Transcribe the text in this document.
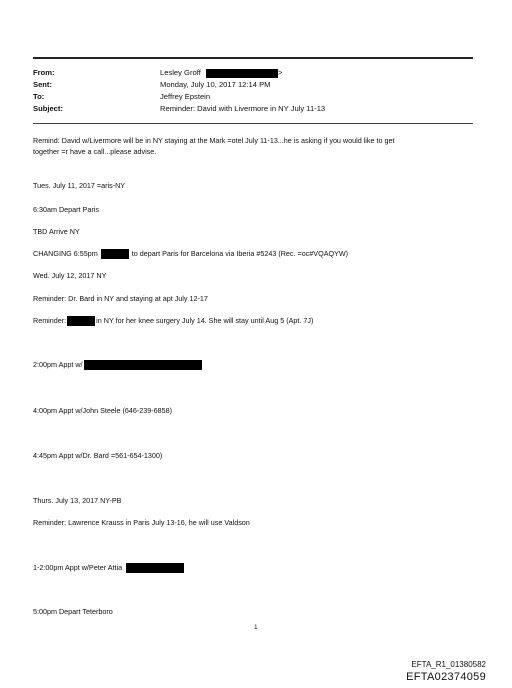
From:	Lesley Groff	>
Sent:	Monday, July 10, 2017 12:14 PM
To:	Jeffrey Epstein
Subject:	Reminder: David with Livermore in NY July 11-13
Remind: David w/Livermore will be in NY staying at the Mark =otel July 11-13...he is asking if you would like to get
together =r have a call...please advise.
Tues. July 11, 2017 =aris-NY
6:30am Depart Paris
TBD Arrive NY
CHANGING 6:55pm	to depart Paris for Barcelona via Iberia #5243 (Rec. =oc#VQAQYW)
Wed. July 12, 2017 NY
Reminder: Dr. Bard in NY and staying at apt July 12-17
Reminder:	in NY for her knee surgery July 14. She will stay until Aug 5 (Apt. 7J)
2:00pm Appt w/
4:00pm Appt w/John Steele (646-239-6858)
4:45pm Appt w/Dr. Bard =561-654-1300)
Thurs. July 13, 2017 NY-PB
Reminder: Lawrence Krauss in Paris July 13-16, he will use Valdson
1-2:00pm Appt w/Peter Attia
5:00pm Depart Teterboro
1
EFTA_R1_01380582
EFTA02374059
